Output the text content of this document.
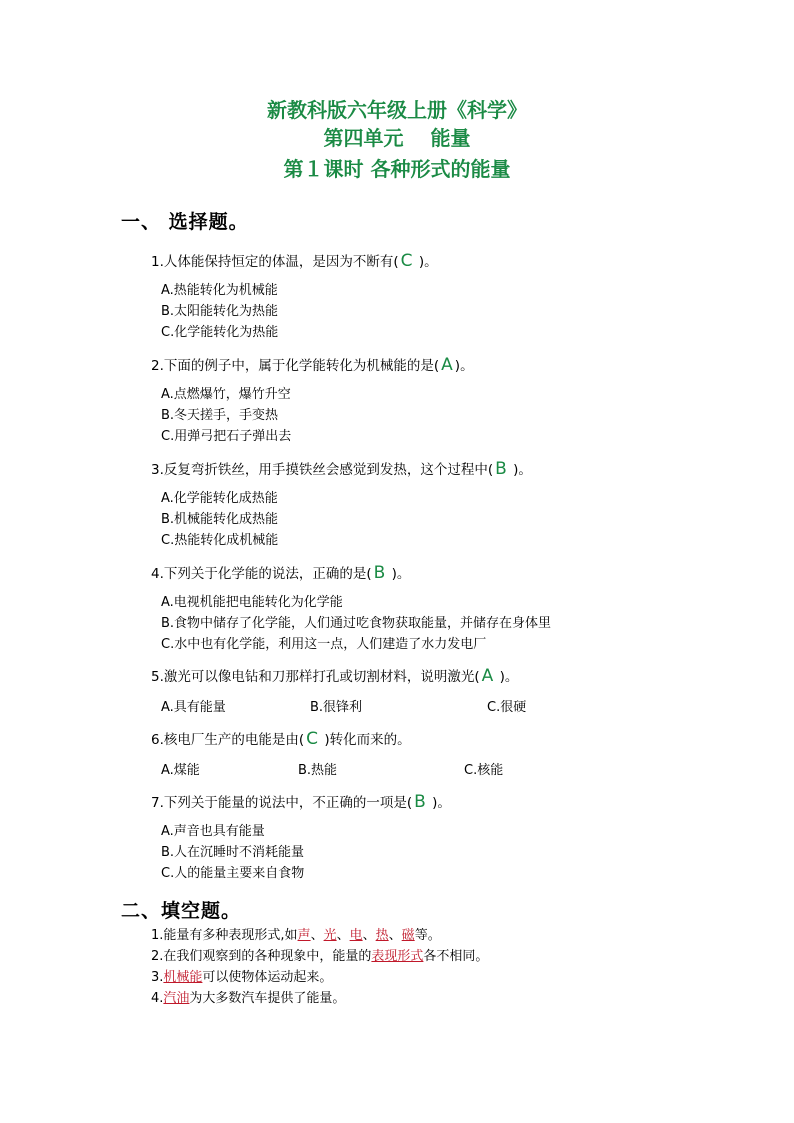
新教科版六年级上册《科学》
第四单元　 能量
第１课时 各种形式的能量
一、 选择题。
1.人体能保持恒定的体温，是因为不断有( C )。
A.热能转化为机械能
B.太阳能转化为热能
C.化学能转化为热能
2.下面的例子中，属于化学能转化为机械能的是( A )。
A.点燃爆竹，爆竹升空
B.冬天搓手，手变热
C.用弹弓把石子弹出去
3.反复弯折铁丝，用手摸铁丝会感觉到发热，这个过程中( B )。
A.化学能转化成热能
B.机械能转化成热能
C.热能转化成机械能
4.下列关于化学能的说法，正确的是( B )。
A.电视机能把电能转化为化学能
B.食物中储存了化学能，人们通过吃食物获取能量，并储存在身体里
C.水中也有化学能，利用这一点，人们建造了水力发电厂
5.激光可以像电钻和刀那样打孔或切割材料，说明激光( A )。
A.具有能量	B.很锋利	C.很硬
6.核电厂生产的电能是由( C )转化而来的。
A.煤能	B.热能	C.核能
7.下列关于能量的说法中，不正确的一项是( B )。
A.声音也具有能量
B.人在沉睡时不消耗能量
C.人的能量主要来自食物
二、填空题。
1.能量有多种表现形式,如声、光、电、热、磁等。
2.在我们观察到的各种现象中，能量的表现形式各不相同。
3.机械能可以使物体运动起来。
4.汽油为大多数汽车提供了能量。
